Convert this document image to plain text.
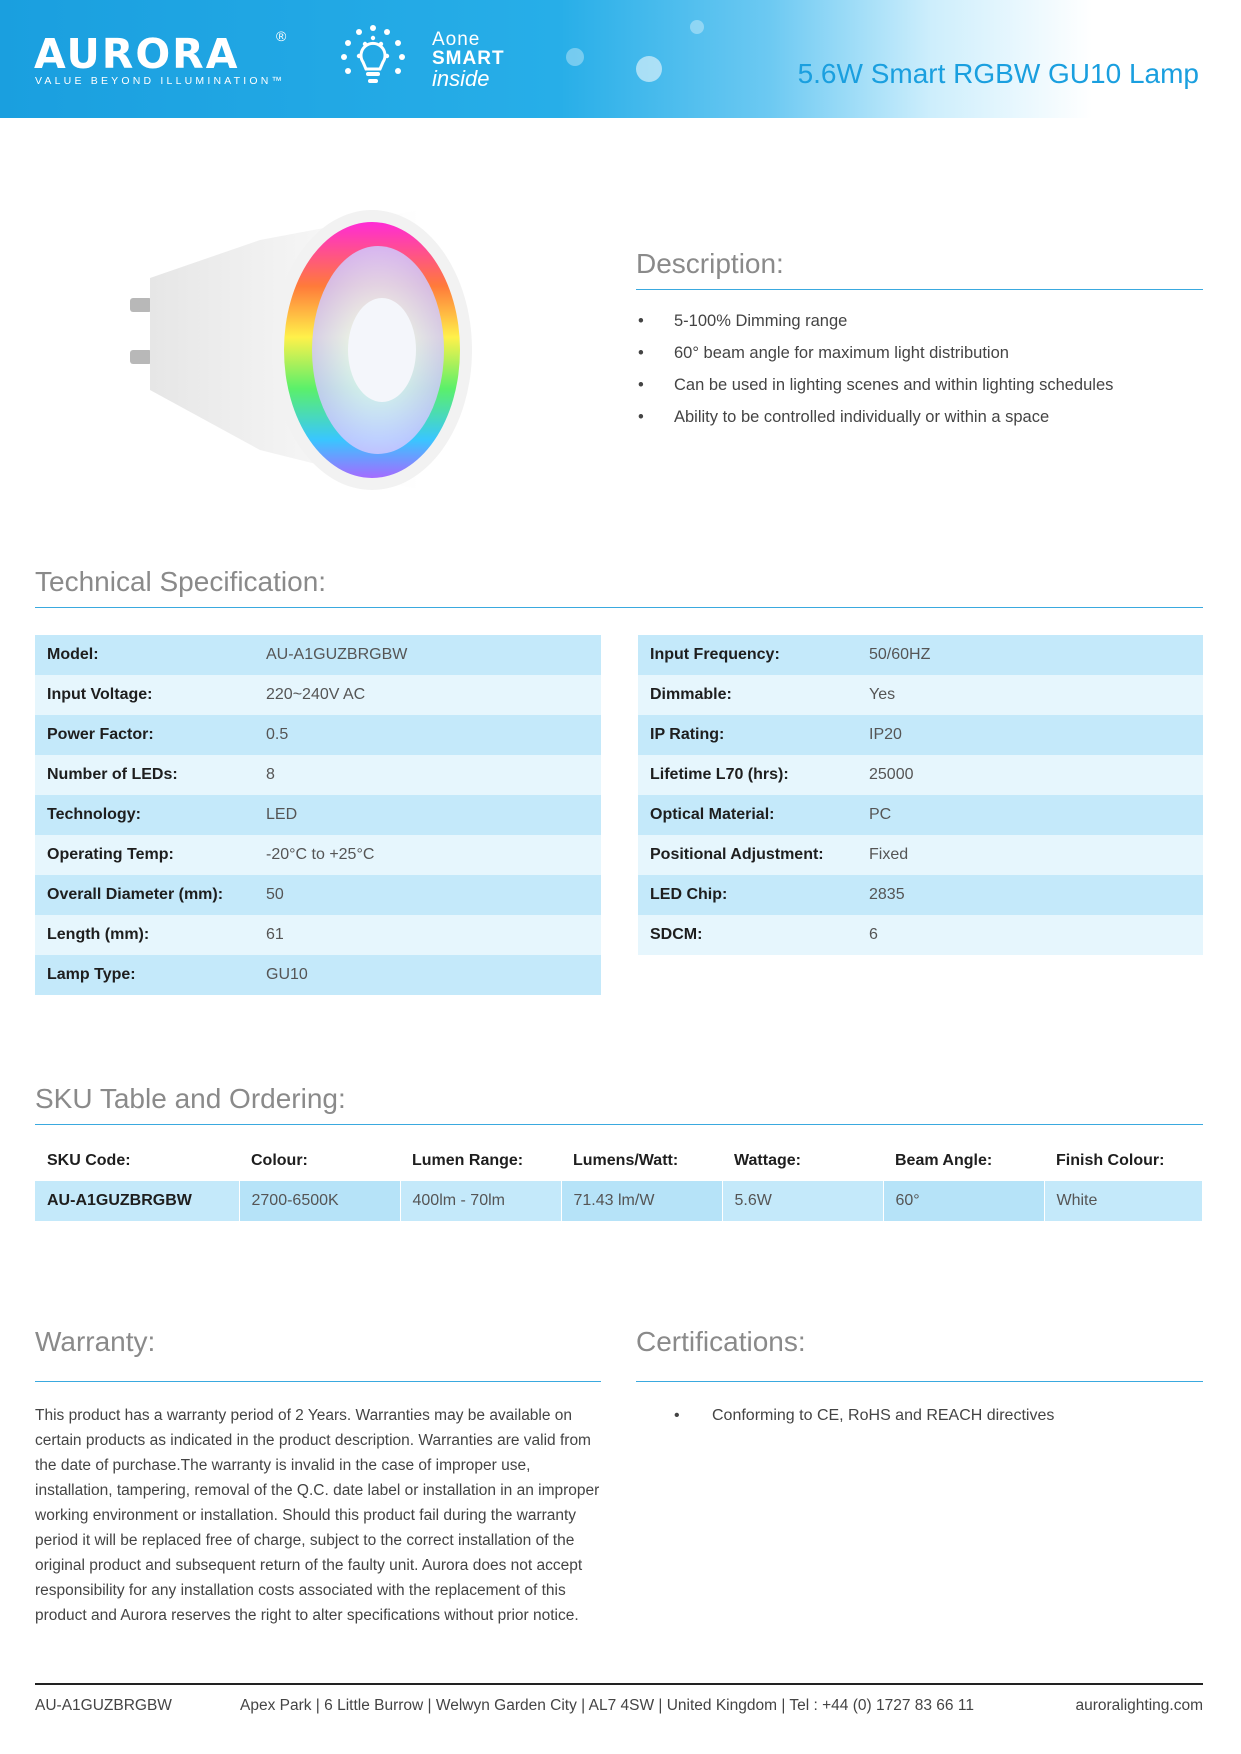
AURORA	®
VALUE BEYOND ILLUMINATION™
Aone
SMART
inside	5.6W Smart RGBW GU10 Lamp
Description:
• 5-100% Dimming range
• 60° beam angle for maximum light distribution
• Can be used in lighting scenes and within lighting schedules
• Ability to be controlled individually or within a space
Technical Specification:
Model:	AU-A1GUZBRGBW
Input Voltage:	220~240V AC
Power Factor:	0.5
Number of LEDs:	8
Technology:	LED
Operating Temp:	-20°C to +25°C
Overall Diameter (mm):	50
Length (mm):	61
Lamp Type:	GU10
Input Frequency:	50/60HZ
Dimmable:	Yes
IP Rating:	IP20
Lifetime L70 (hrs):	25000
Optical Material:	PC
Positional Adjustment:	Fixed
LED Chip:	2835
SDCM:	6
SKU Table and Ordering:
SKU Code:	Colour:	Lumen Range:	Lumens/Watt:	Wattage:	Beam Angle:	Finish Colour:
AU-A1GUZBRGBW	2700-6500K	400lm - 70lm	71.43 lm/W	5.6W	60°	White
Warranty:
This product has a warranty period of 2 Years. Warranties may be available on certain products as indicated in the product description. Warranties are valid from the date of purchase.The warranty is invalid in the case of improper use, installation, tampering, removal of the Q.C. date label or installation in an improper working environment or installation. Should this product fail during the warranty period it will be replaced free of charge, subject to the correct installation of the original product and subsequent return of the faulty unit. Aurora does not accept responsibility for any installation costs associated with the replacement of this product and Aurora reserves the right to alter specifications without prior notice.
Certifications:
• Conforming to CE, RoHS and REACH directives
AU-A1GUZBRGBW	Apex Park | 6 Little Burrow | Welwyn Garden City | AL7 4SW | United Kingdom | Tel : +44 (0) 1727 83 66 11	auroralighting.com
